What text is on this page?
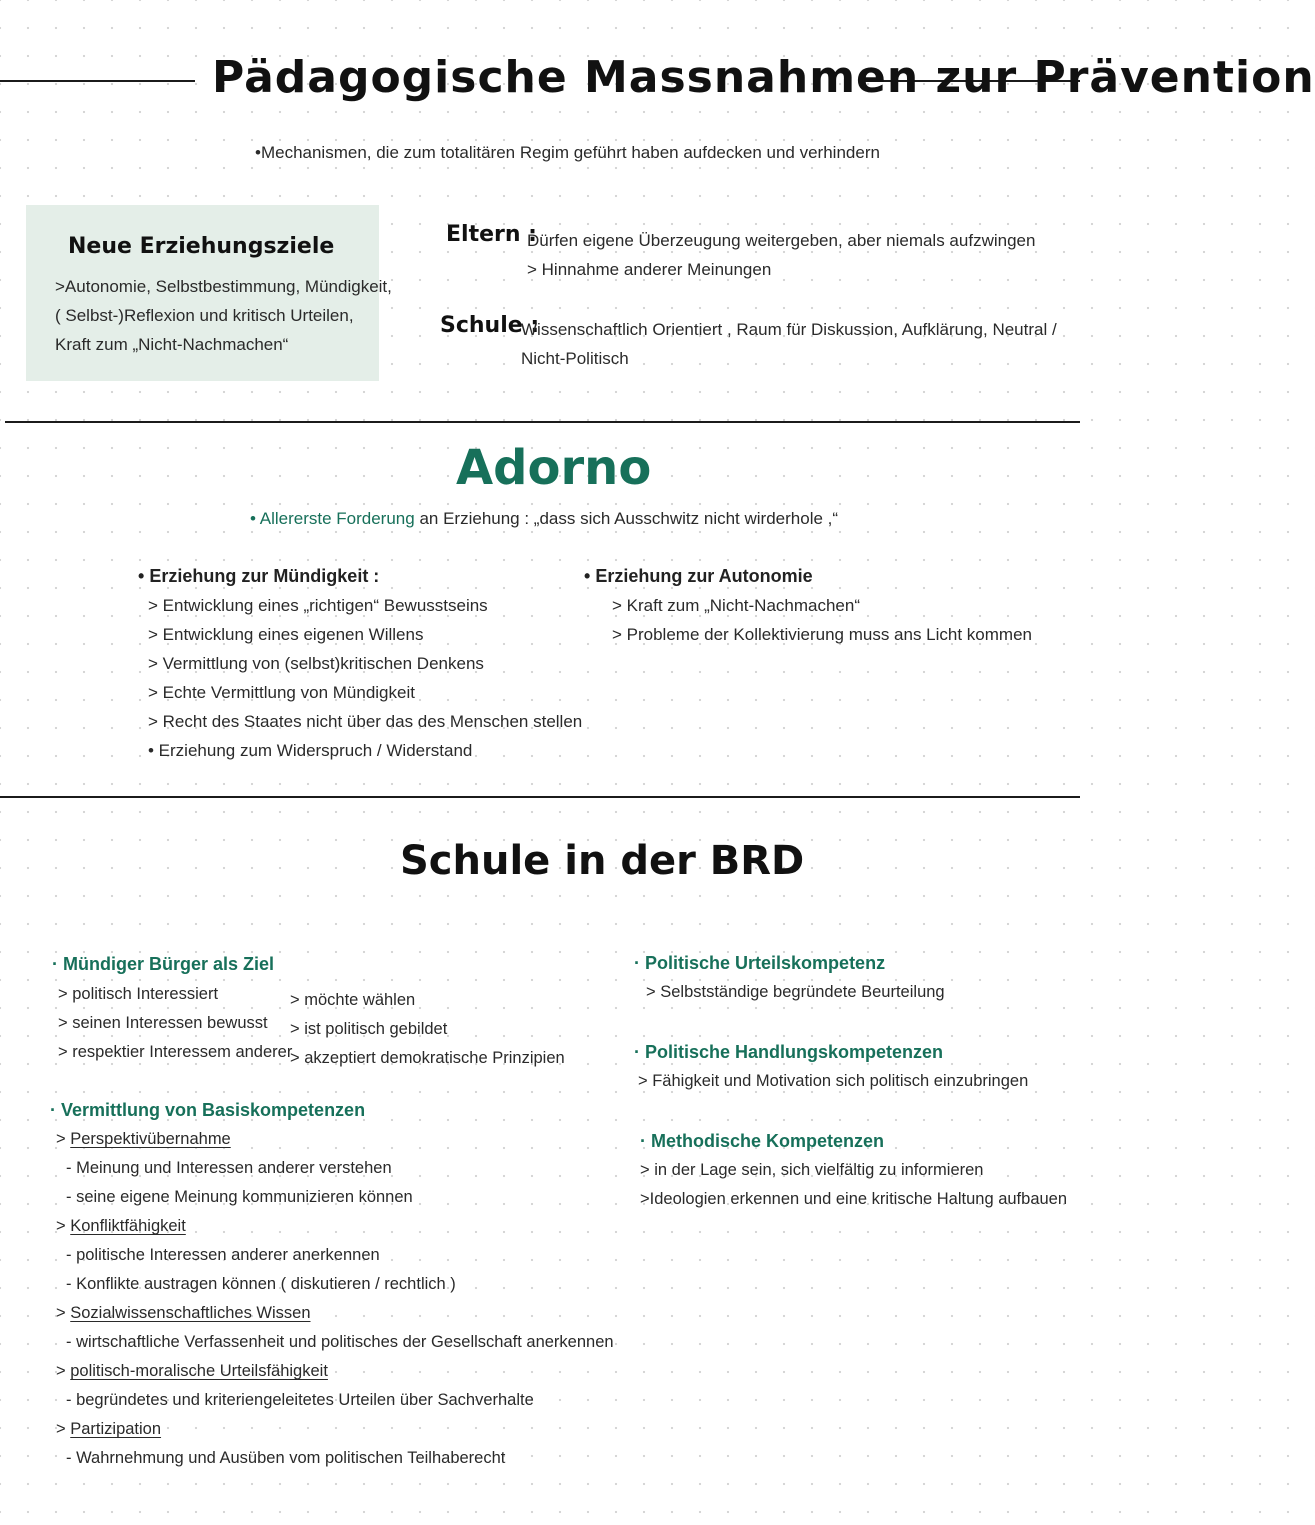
Pädagogische Massnahmen zur Prävention
•Mechanismen, die zum totalitären Regim geführt haben aufdecken und verhindern
Neue Erziehungsziele
>Autonomie, Selbstbestimmung, Mündigkeit,
( Selbst-)Reflexion und kritisch Urteilen,
Kraft zum „Nicht-Nachmachen“
Eltern :
Dürfen eigene Überzeugung weitergeben, aber niemals aufzwingen
> Hinnahme anderer Meinungen
Schule :
Wissenschaftlich Orientiert , Raum für Diskussion, Aufklärung, Neutral /
Nicht-Politisch
Adorno
• Allererste Forderung an Erziehung : „dass sich Ausschwitz nicht wirderhole ,“
• Erziehung zur Mündigkeit :
> Entwicklung eines „richtigen“ Bewusstseins
> Entwicklung eines eigenen Willens
> Vermittlung von (selbst)kritischen Denkens
> Echte Vermittlung von Mündigkeit
> Recht des Staates nicht über das des Menschen stellen
• Erziehung zum Widerspruch / Widerstand
• Erziehung zur Autonomie
> Kraft zum „Nicht-Nachmachen“
> Probleme der Kollektivierung muss ans Licht kommen
Schule in der BRD
· Mündiger Bürger als Ziel
> politisch Interessiert
> seinen Interessen bewusst
> respektier Interessem anderer
> möchte wählen
> ist politisch gebildet
> akzeptiert demokratische Prinzipien
· Vermittlung von Basiskompetenzen
> Perspektivübernahme
- Meinung und Interessen anderer verstehen
- seine eigene Meinung kommunizieren können
> Konfliktfähigkeit
- politische Interessen anderer anerkennen
- Konflikte austragen können ( diskutieren / rechtlich )
> Sozialwissenschaftliches Wissen
- wirtschaftliche Verfassenheit und politisches der Gesellschaft anerkennen
> politisch-moralische Urteilsfähigkeit
- begründetes und kriteriengeleitetes Urteilen über Sachverhalte
> Partizipation
- Wahrnehmung und Ausüben vom politischen Teilhaberecht
· Politische Urteilskompetenz
> Selbstständige begründete Beurteilung
· Politische Handlungskompetenzen
> Fähigkeit und Motivation sich politisch einzubringen
· Methodische Kompetenzen
> in der Lage sein, sich vielfältig zu informieren
>Ideologien erkennen und eine kritische Haltung aufbauen
